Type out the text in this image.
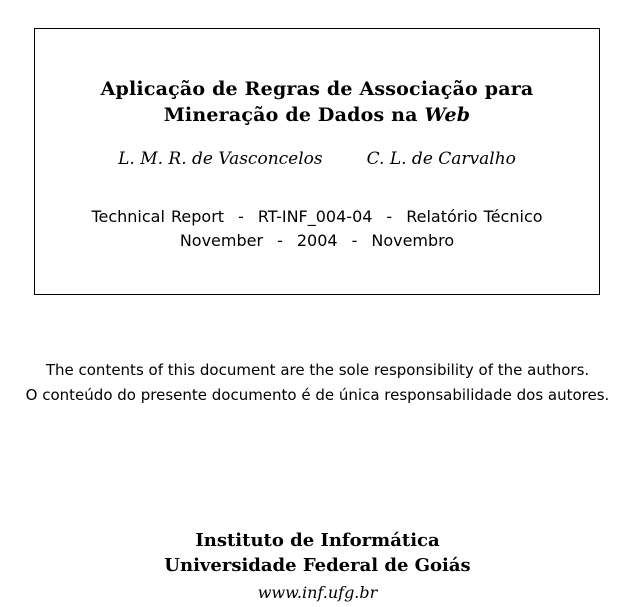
Aplicação de Regras de Associação para
Mineração de Dados na Web
L. M. R. de Vasconcelos	C. L. de Carvalho
Technical Report - RT-INF_004-04 - Relatório Técnico
November - 2004 - Novembro
The contents of this document are the sole responsibility of the authors.
O conteúdo do presente documento é de única responsabilidade dos autores.
Instituto de Informática
Universidade Federal de Goiás
www.inf.ufg.br
